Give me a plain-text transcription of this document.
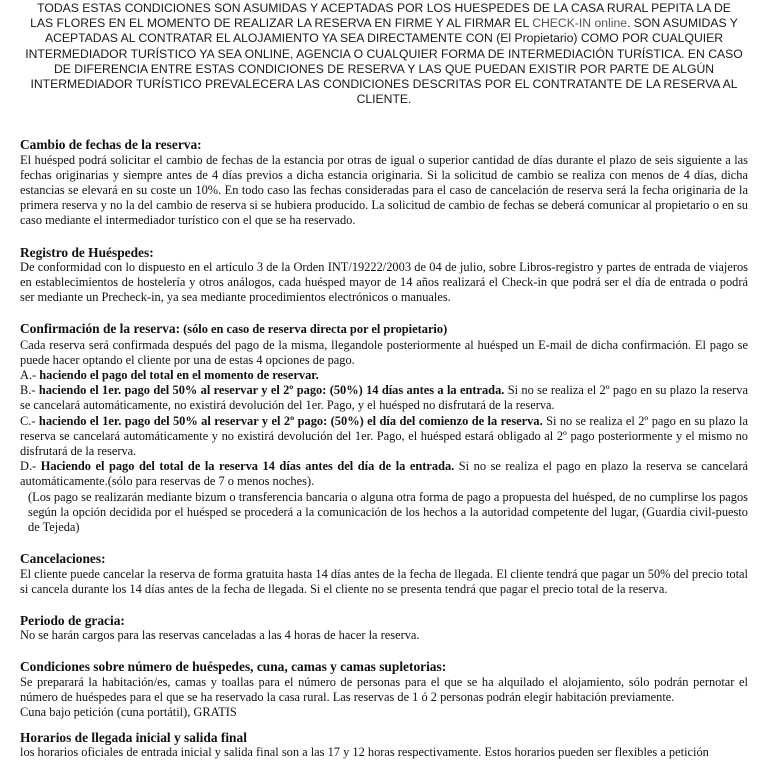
TODAS ESTAS CONDICIONES SON ASUMIDAS Y ACEPTADAS POR LOS HUESPEDES DE LA CASA RURAL PEPITA LA DE LAS FLORES EN EL MOMENTO DE REALIZAR LA RESERVA EN FIRME Y AL FIRMAR EL CHECK-IN online. SON ASUMIDAS Y ACEPTADAS AL CONTRATAR EL ALOJAMIENTO YA SEA DIRECTAMENTE CON (El Propietario) COMO POR CUALQUIER INTERMEDIADOR TURÍSTICO YA SEA ONLINE, AGENCIA O CUALQUIER FORMA DE INTERMEDIACIÓN TURÍSTICA. EN CASO DE DIFERENCIA ENTRE ESTAS CONDICIONES DE RESERVA Y LAS QUE PUEDAN EXISTIR POR PARTE DE ALGÚN INTERMEDIADOR TURÍSTICO PREVALECERA LAS CONDICIONES DESCRITAS POR EL CONTRATANTE DE LA RESERVA AL CLIENTE.

Cambio de fechas de la reserva:

El huésped podrá solicitar el cambio de fechas de la estancia por otras de igual o superior cantidad de días durante el plazo de seis siguiente a las fechas originarias y siempre antes de 4 días previos a dicha estancia originaria. Si la solicitud de cambio se realiza con menos de 4 días, dicha estancias se elevará en su coste un 10%. En todo caso las fechas consideradas para el caso de cancelación de reserva será la fecha originaria de la primera reserva y no la del cambio de reserva si se hubiera producido. La solicitud de cambio de fechas se deberá comunicar al propietario o en su caso mediante el intermediador turístico con el que se ha reservado.

Registro de Huéspedes:

De conformidad con lo dispuesto en el artículo 3 de la Orden INT/19222/2003 de 04 de julio, sobre Libros-registro y partes de entrada de viajeros en establecimientos de hostelería y otros análogos, cada huésped mayor de 14 años realizará el Check-in que podrá ser el día de entrada o podrá ser mediante un Precheck-in, ya sea mediante procedimientos electrónicos o manuales.

Confirmación de la reserva: (sólo en caso de reserva directa por el propietario)

Cada reserva será confirmada después del pago de la misma, llegandole posteriormente al huésped un E-mail de dicha confirmación. El pago se puede hacer optando el cliente por una de estas 4 opciones de pago.

A.- haciendo el pago del total en el momento de reservar.

B.- haciendo el 1er. pago del 50% al reservar y el 2º pago: (50%) 14 días antes a la entrada. Si no se realiza el 2º pago en su plazo la reserva se cancelará automáticamente, no existirá devolución del 1er. Pago, y el huésped no disfrutará de la reserva.

C.- haciendo el 1er. pago del 50% al reservar y el 2º pago: (50%) el día del comienzo de la reserva. Si no se realiza el 2º pago en su plazo la reserva se cancelará automáticamente y no existirá devolución del 1er. Pago, el huésped estará obligado al 2º pago posteriormente y el mismo no disfrutará de la reserva.

D.- Haciendo el pago del total de la reserva 14 días antes del día de la entrada. Si no se realiza el pago en plazo la reserva se cancelará automáticamente.(sólo para reservas de 7 o menos noches).

(Los pago se realizarán mediante bizum o transferencia bancaria o alguna otra forma de pago a propuesta del huésped, de no cumplirse los pagos según la opción decidida por el huésped se procederá a la comunicación de los hechos a la autoridad competente del lugar, (Guardia civil-puesto de Tejeda)

Cancelaciones:

El cliente puede cancelar la reserva de forma gratuita hasta 14 días antes de la fecha de llegada. El cliente tendrá que pagar un 50% del precio total si cancela durante los 14 días antes de la fecha de llegada. Si el cliente no se presenta tendrá que pagar el precio total de la reserva.

Periodo de gracia:

No se harán cargos para las reservas canceladas a las 4 horas de hacer la reserva.

Condiciones sobre número de huéspedes, cuna, camas y camas supletorias:

Se preparará la habitación/es, camas y toallas para el número de personas para el que se ha alquilado el alojamiento, sólo podrán pernotar el número de huéspedes para el que se ha reservado la casa rural. Las reservas de 1 ó 2 personas podrán elegir habitación previamente.

Cuna bajo petición (cuna portátil), GRATIS

Horarios de llegada inicial y salida final

los horarios oficiales de entrada inicial y salida final son a las 17 y 12 horas respectivamente. Estos horarios pueden ser flexibles a petición
